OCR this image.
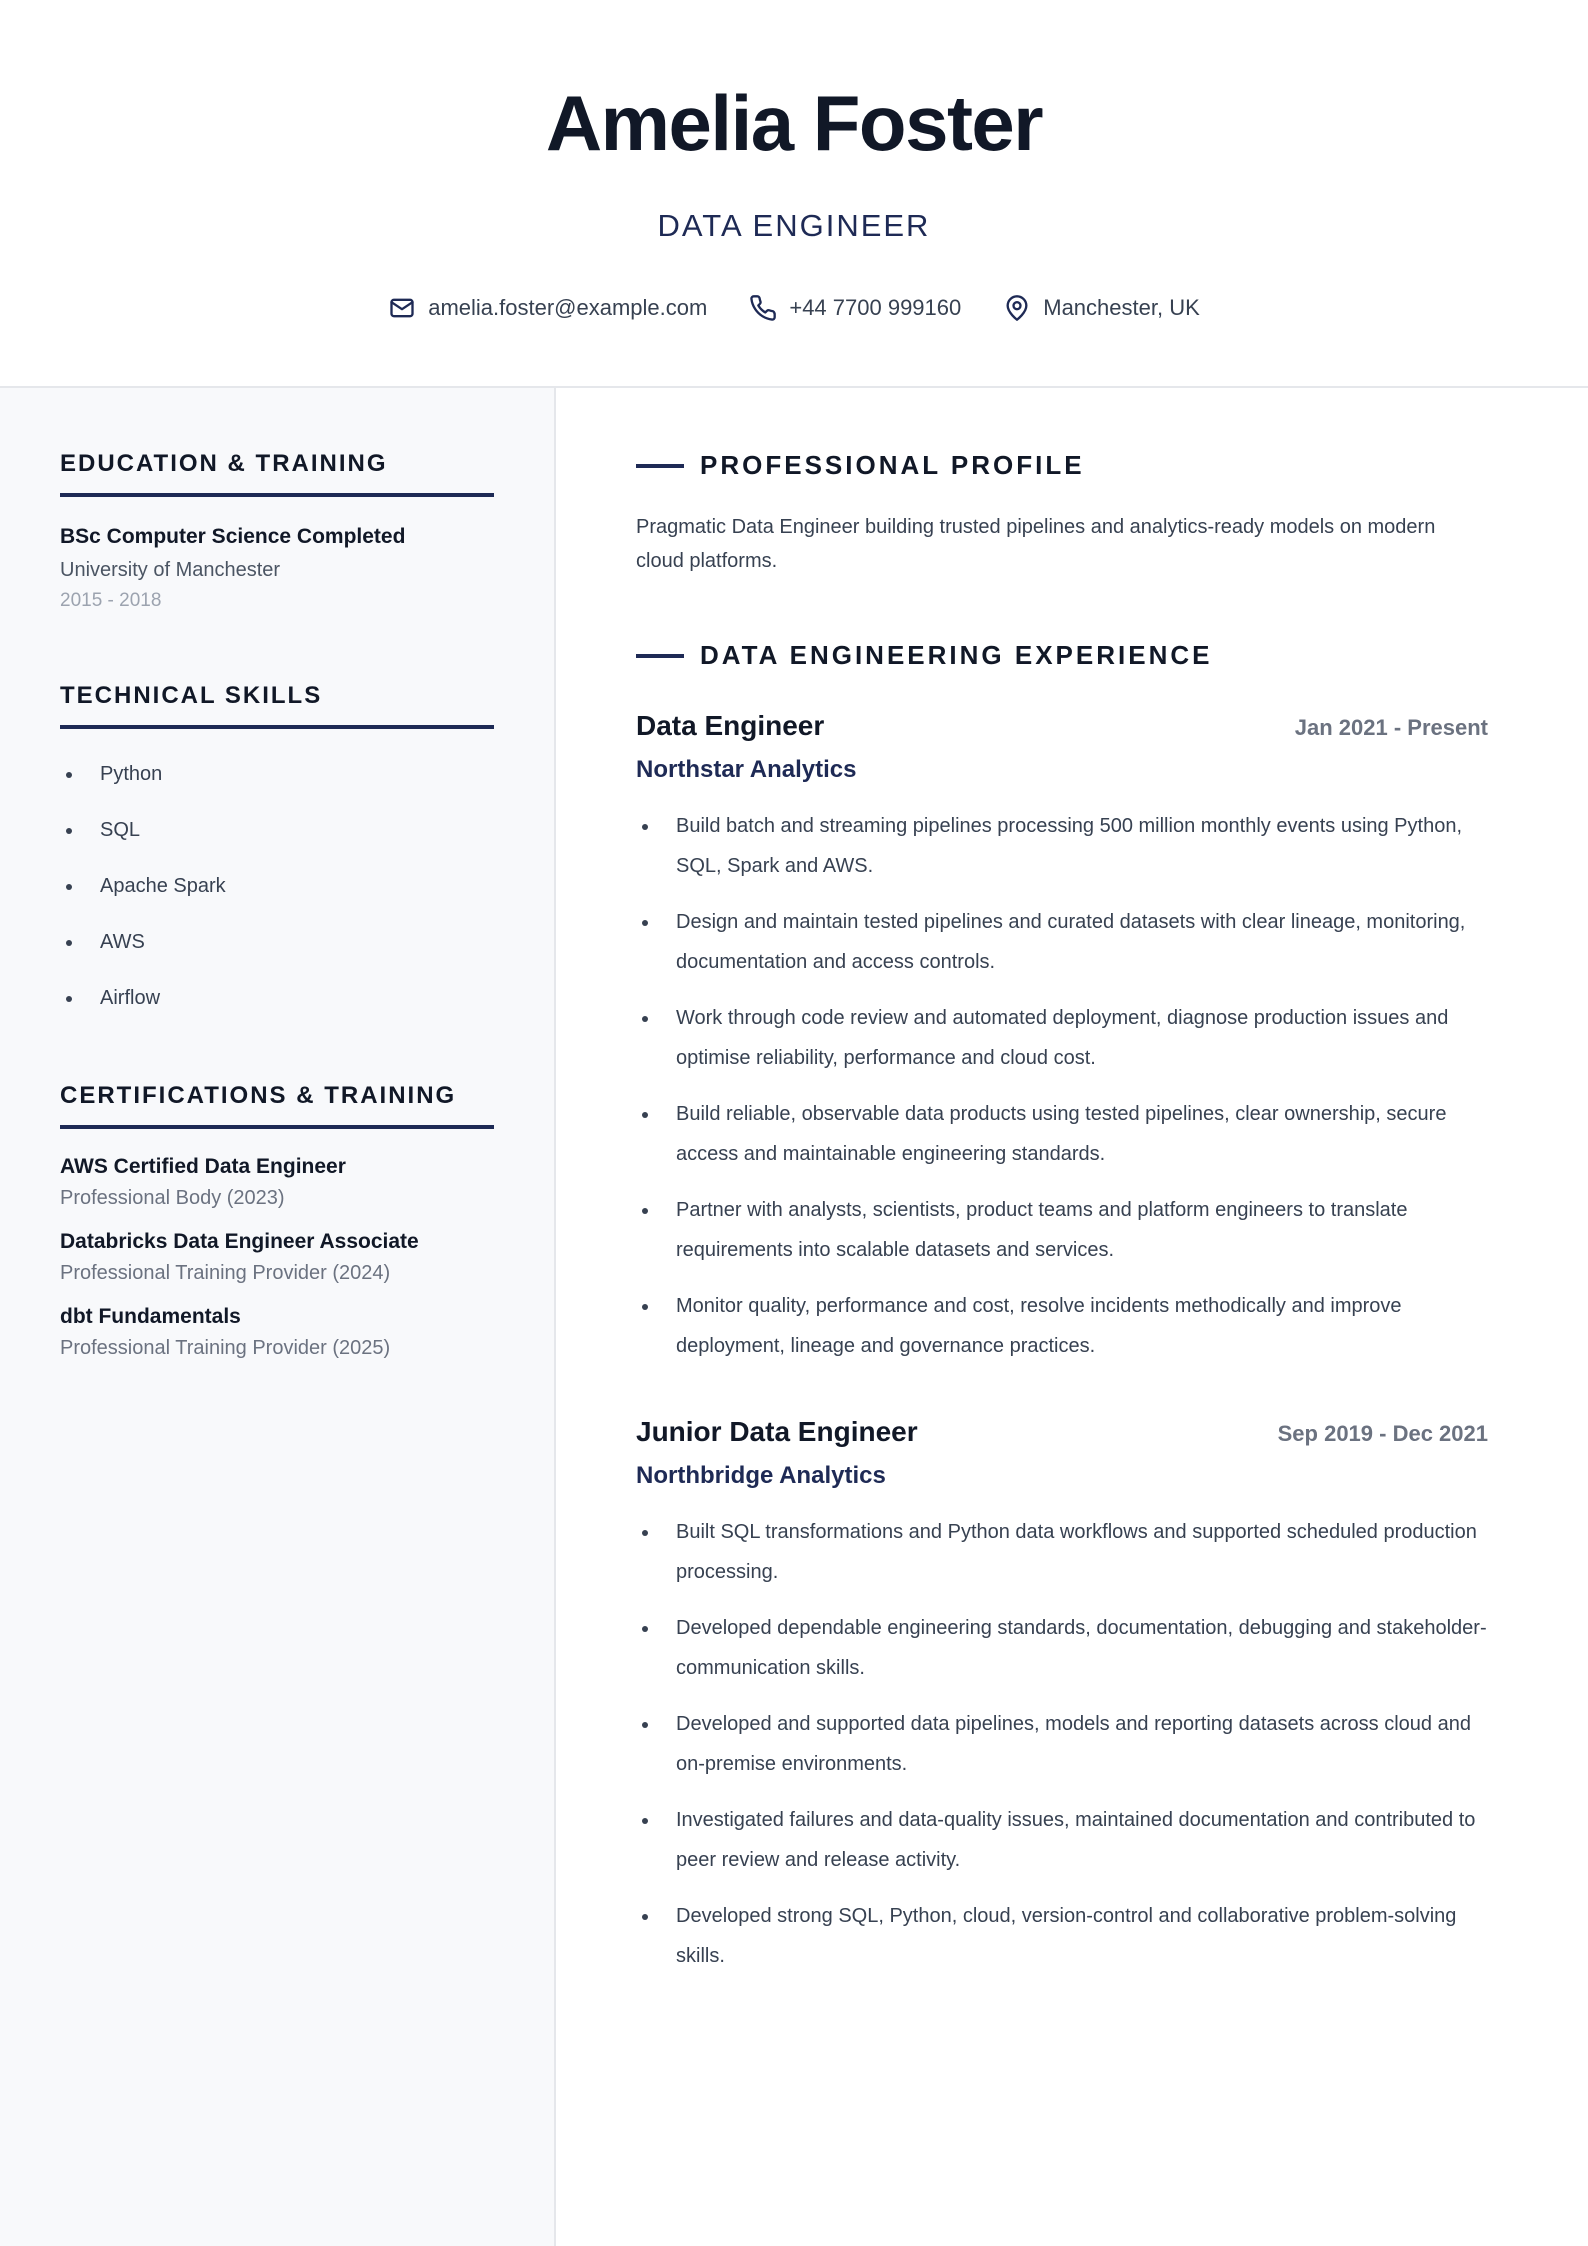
Amelia Foster
DATA ENGINEER
amelia.foster@example.com	+44 7700 999160	Manchester, UK
EDUCATION & TRAINING
BSc Computer Science Completed
University of Manchester
2015 - 2018
TECHNICAL SKILLS
Python
SQL
Apache Spark
AWS
Airflow
CERTIFICATIONS & TRAINING
AWS Certified Data Engineer
Professional Body (2023)
Databricks Data Engineer Associate
Professional Training Provider (2024)
dbt Fundamentals
Professional Training Provider (2025)
PROFESSIONAL PROFILE

Pragmatic Data Engineer building trusted pipelines and analytics-ready models on modern cloud platforms.

DATA ENGINEERING EXPERIENCE
Data Engineer	Jan 2021 - Present
Northstar Analytics
Build batch and streaming pipelines processing 500 million monthly events using Python, SQL, Spark and AWS.
Design and maintain tested pipelines and curated datasets with clear lineage, monitoring, documentation and access controls.
Work through code review and automated deployment, diagnose production issues and optimise reliability, performance and cloud cost.
Build reliable, observable data products using tested pipelines, clear ownership, secure access and maintainable engineering standards.
Partner with analysts, scientists, product teams and platform engineers to translate requirements into scalable datasets and services.
Monitor quality, performance and cost, resolve incidents methodically and improve deployment, lineage and governance practices.
Junior Data Engineer	Sep 2019 - Dec 2021
Northbridge Analytics
Built SQL transformations and Python data workflows and supported scheduled production processing.
Developed dependable engineering standards, documentation, debugging and stakeholder-communication skills.
Developed and supported data pipelines, models and reporting datasets across cloud and on-premise environments.
Investigated failures and data-quality issues, maintained documentation and contributed to peer review and release activity.
Developed strong SQL, Python, cloud, version-control and collaborative problem-solving skills.
